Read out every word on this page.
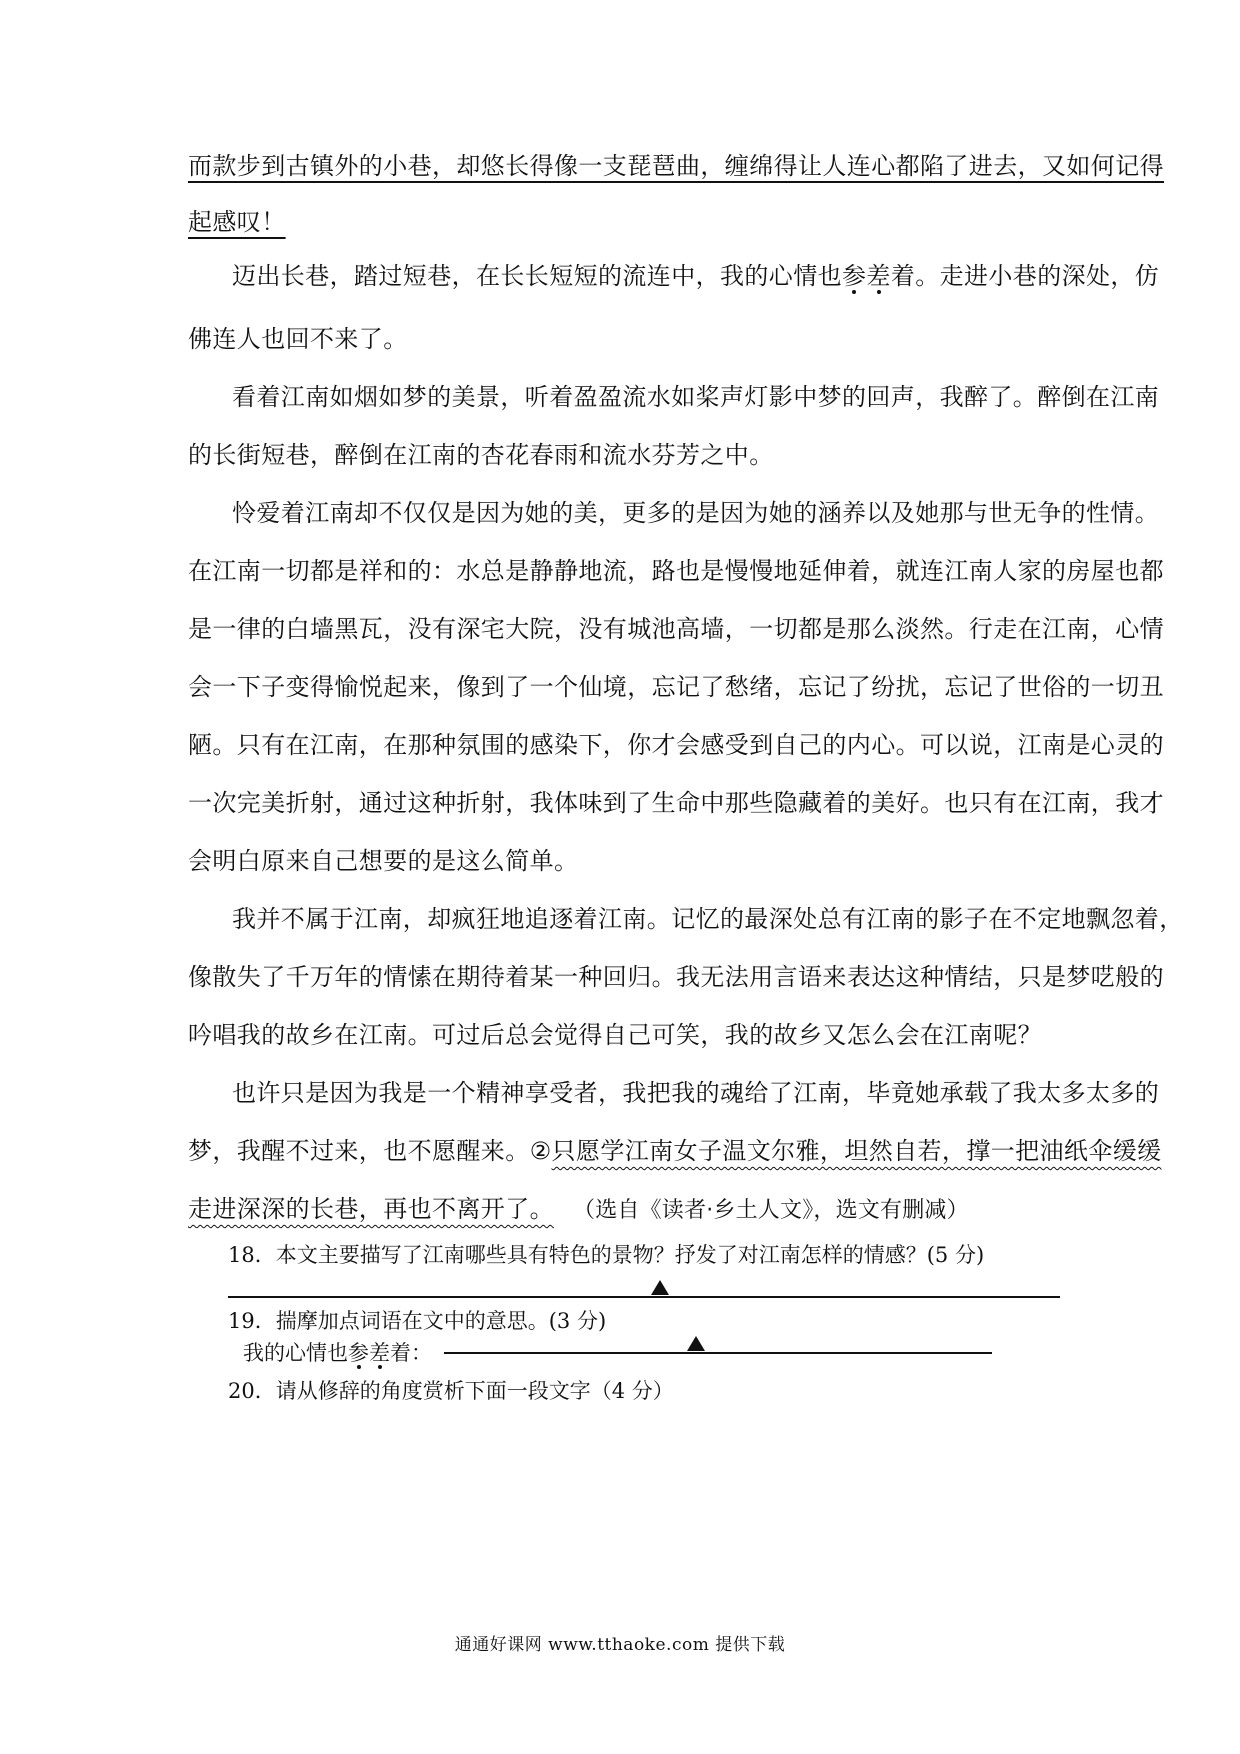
而款步到古镇外的小巷，却悠长得像一支琵琶曲，缠绵得让人连心都陷了进去，又如何记得
起感叹！
迈出长巷，踏过短巷，在长长短短的流连中，我的心情也参差着。走进小巷的深处，仿
佛连人也回不来了。
看着江南如烟如梦的美景，听着盈盈流水如桨声灯影中梦的回声，我醉了。醉倒在江南
的长街短巷，醉倒在江南的杏花春雨和流水芬芳之中。
怜爱着江南却不仅仅是因为她的美，更多的是因为她的涵养以及她那与世无争的性情。
在江南一切都是祥和的：水总是静静地流，路也是慢慢地延伸着，就连江南人家的房屋也都
是一律的白墙黑瓦，没有深宅大院，没有城池高墙，一切都是那么淡然。行走在江南，心情
会一下子变得愉悦起来，像到了一个仙境，忘记了愁绪，忘记了纷扰，忘记了世俗的一切丑
陋。只有在江南，在那种氛围的感染下，你才会感受到自己的内心。可以说，江南是心灵的
一次完美折射，通过这种折射，我体味到了生命中那些隐藏着的美好。也只有在江南，我才
会明白原来自己想要的是这么简单。
我并不属于江南，却疯狂地追逐着江南。记忆的最深处总有江南的影子在不定地飘忽着，
像散失了千万年的情愫在期待着某一种回归。我无法用言语来表达这种情结，只是梦呓般的
吟唱我的故乡在江南。可过后总会觉得自己可笑，我的故乡又怎么会在江南呢？
也许只是因为我是一个精神享受者，我把我的魂给了江南，毕竟她承载了我太多太多的
梦，我醒不过来，也不愿醒来。②只愿学江南女子温文尔雅，坦然自若，撑一把油纸伞缓缓
走进深深的长巷，再也不离开了。 （选自《读者·乡土人文》，选文有删减）
18．本文主要描写了江南哪些具有特色的景物？抒发了对江南怎样的情感？(5 分)
19．揣摩加点词语在文中的意思。(3 分)
我的心情也参差着：
20．请从修辞的角度赏析下面一段文字（4 分）
通通好课网 www.tthaoke.com 提供下载
